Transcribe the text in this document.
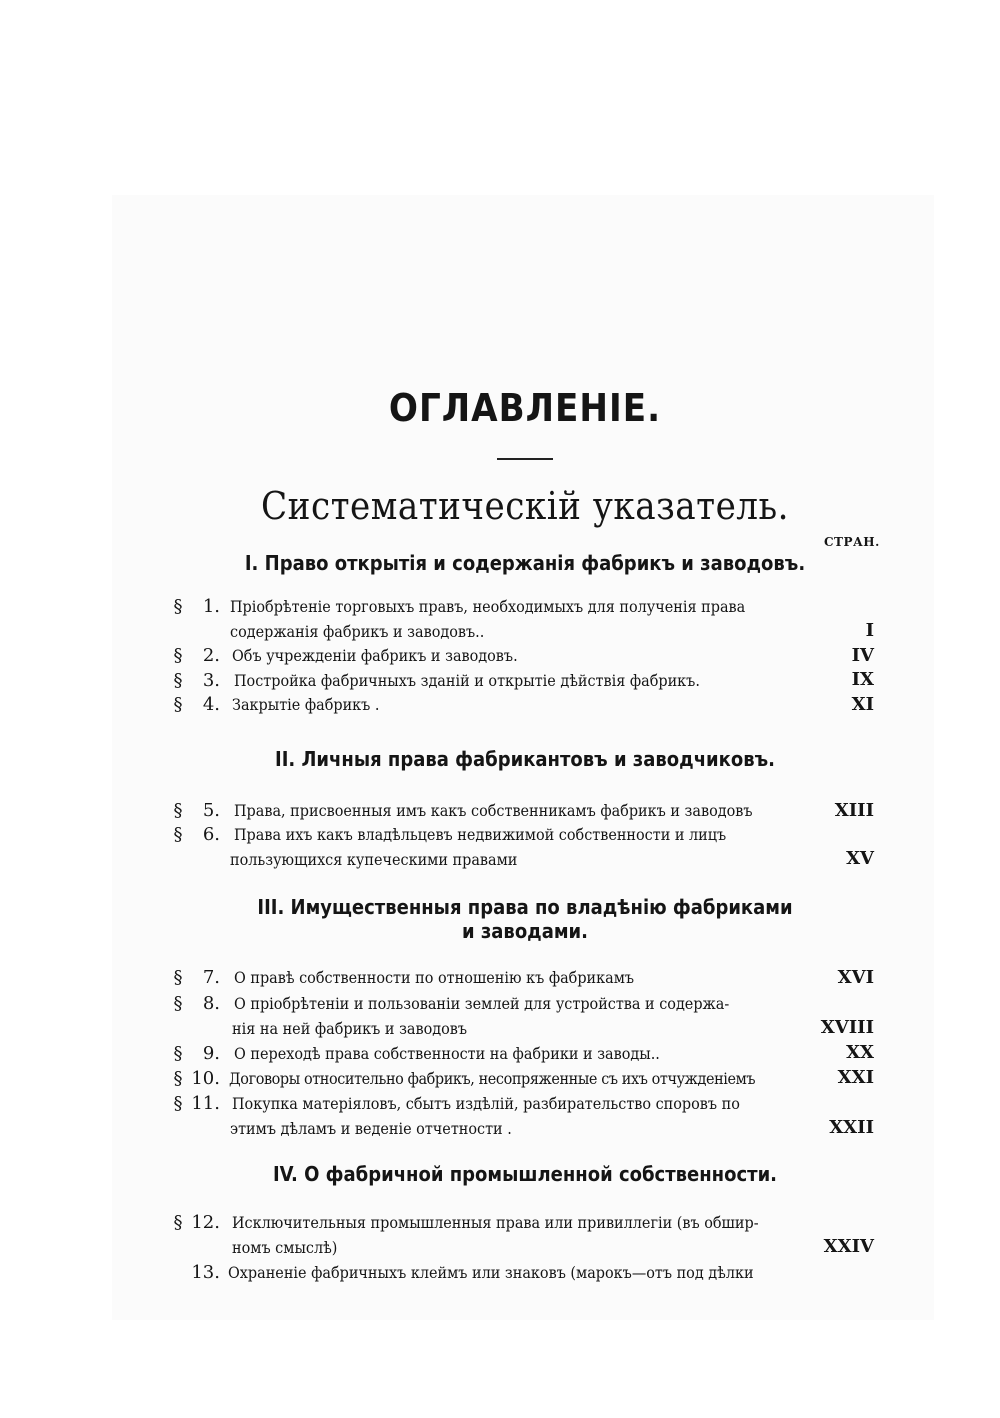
ОГЛАВЛЕНІЕ.
Систематическій указатель.
СТРАН.
I. Право открытія и содержанія фабрикъ и заводовъ.
§	1. Пріобрѣтеніе торговыхъ правъ, необходимыхъ для полученія права
содержанія фабрикъ и заводовъ..	I
§	2. Объ учрежденіи фабрикъ и заводовъ.	IV
§	3. Постройка фабричныхъ зданій и открытіе дѣйствія фабрикъ.	IX
§	4. Закрытіе фабрикъ .	XI
II. Личныя права фабрикантовъ и заводчиковъ.
§	5. Права, присвоенныя имъ какъ собственникамъ фабрикъ и заводовъ	XIII
§	6. Права ихъ какъ владѣльцевъ недвижимой собственности и лицъ
пользующихся купеческими правами	XV
III. Имущественныя права по владѣнію фабриками
и заводами.
§	7. О правѣ собственности по отношенію къ фабрикамъ	XVI
§	8. О пріобрѣтеніи и пользованіи землей для устройства и содержа-
нія на ней фабрикъ и заводовъ	XVIII
§	9. О переходѣ права собственности на фабрики и заводы..	XX
§ 10. Договоры относительно фабрикъ, несопряженные съ ихъ отчужденіемъ	XXI
§ 11. Покупка матеріяловъ, сбытъ издѣлій, разбирательство споровъ по
этимъ дѣламъ и веденіе отчетности .	XXII
IV. О фабричной промышленной собственности.
§ 12. Исключительныя промышленныя права или привиллегіи (въ обшир-
номъ смыслѣ)	XXIV
13. Охраненіе фабричныхъ клеймъ или знаковъ (марокъ—отъ под дѣлки
